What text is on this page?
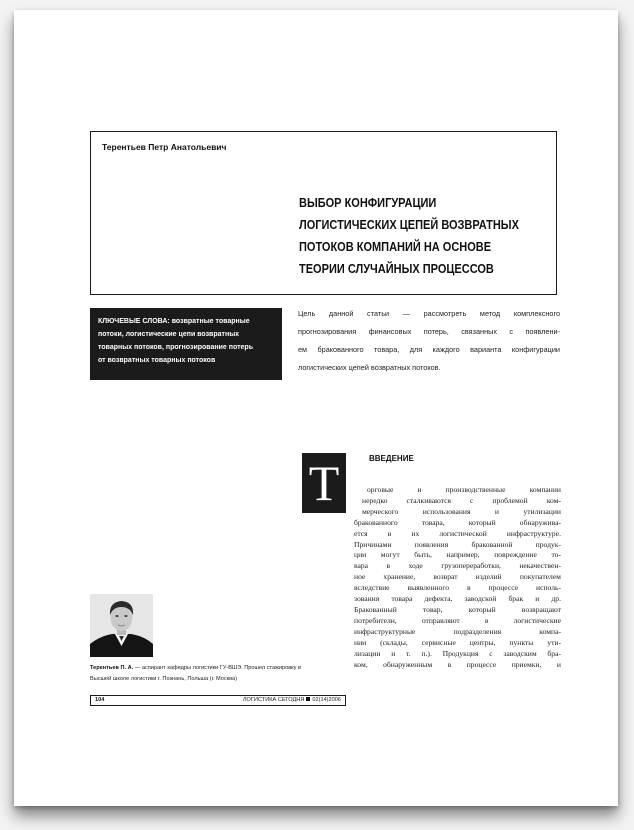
Терентьев Петр Анатольевич
ВЫБОР КОНФИГУРАЦИИ
ЛОГИСТИЧЕСКИХ ЦЕПЕЙ ВОЗВРАТНЫХ
ПОТОКОВ КОМПАНИЙ НА ОСНОВЕ
ТЕОРИИ СЛУЧАЙНЫХ ПРОЦЕССОВ
КЛЮЧЕВЫЕ СЛОВА: возвратные товарные
потоки, логистические цепи возвратных
товарных потоков, прогнозирование потерь
от возвратных товарных потоков
Цель данной статьи — рассмотреть метод комплексного
прогнозирования финансовых потерь, связанных с появлени-
ем бракованного товара, для каждого варианта конфигурации
логистических цепей возвратных потоков.
Т	ВВЕДЕНИЕ
орговые и производственные компании
нередко сталкиваются с проблемой ком-
мерческого использования и утилизации
бракованного товара, который обнаружива-
ется в их логистической инфраструктуре.
Причинами появления бракованной продук-
ции могут быть, например, повреждение то-
вара в ходе грузопереработки, некачествен-
ное хранение, возврат изделий покупателем
вследствие выявленного в процессе исполь-
зования товара дефекта, заводской брак и др.
Бракованный товар, который возвращают
потребители, отправляют в логистические
инфраструктурные подразделения компа-
нии (склады, сервисные центры, пункты ути-
лизации и т. п.). Продукция с заводским бра-
ком, обнаруженным в процессе приемки, и
Терентьев П. А. — аспирант кафедры логистики ГУ-ВШЭ. Прошел стажировку в
Высшей школе логистики г. Познань, Польша (г. Москва)
104	ЛОГИСТИКА СЕГОДНЯ 02(14)2006
